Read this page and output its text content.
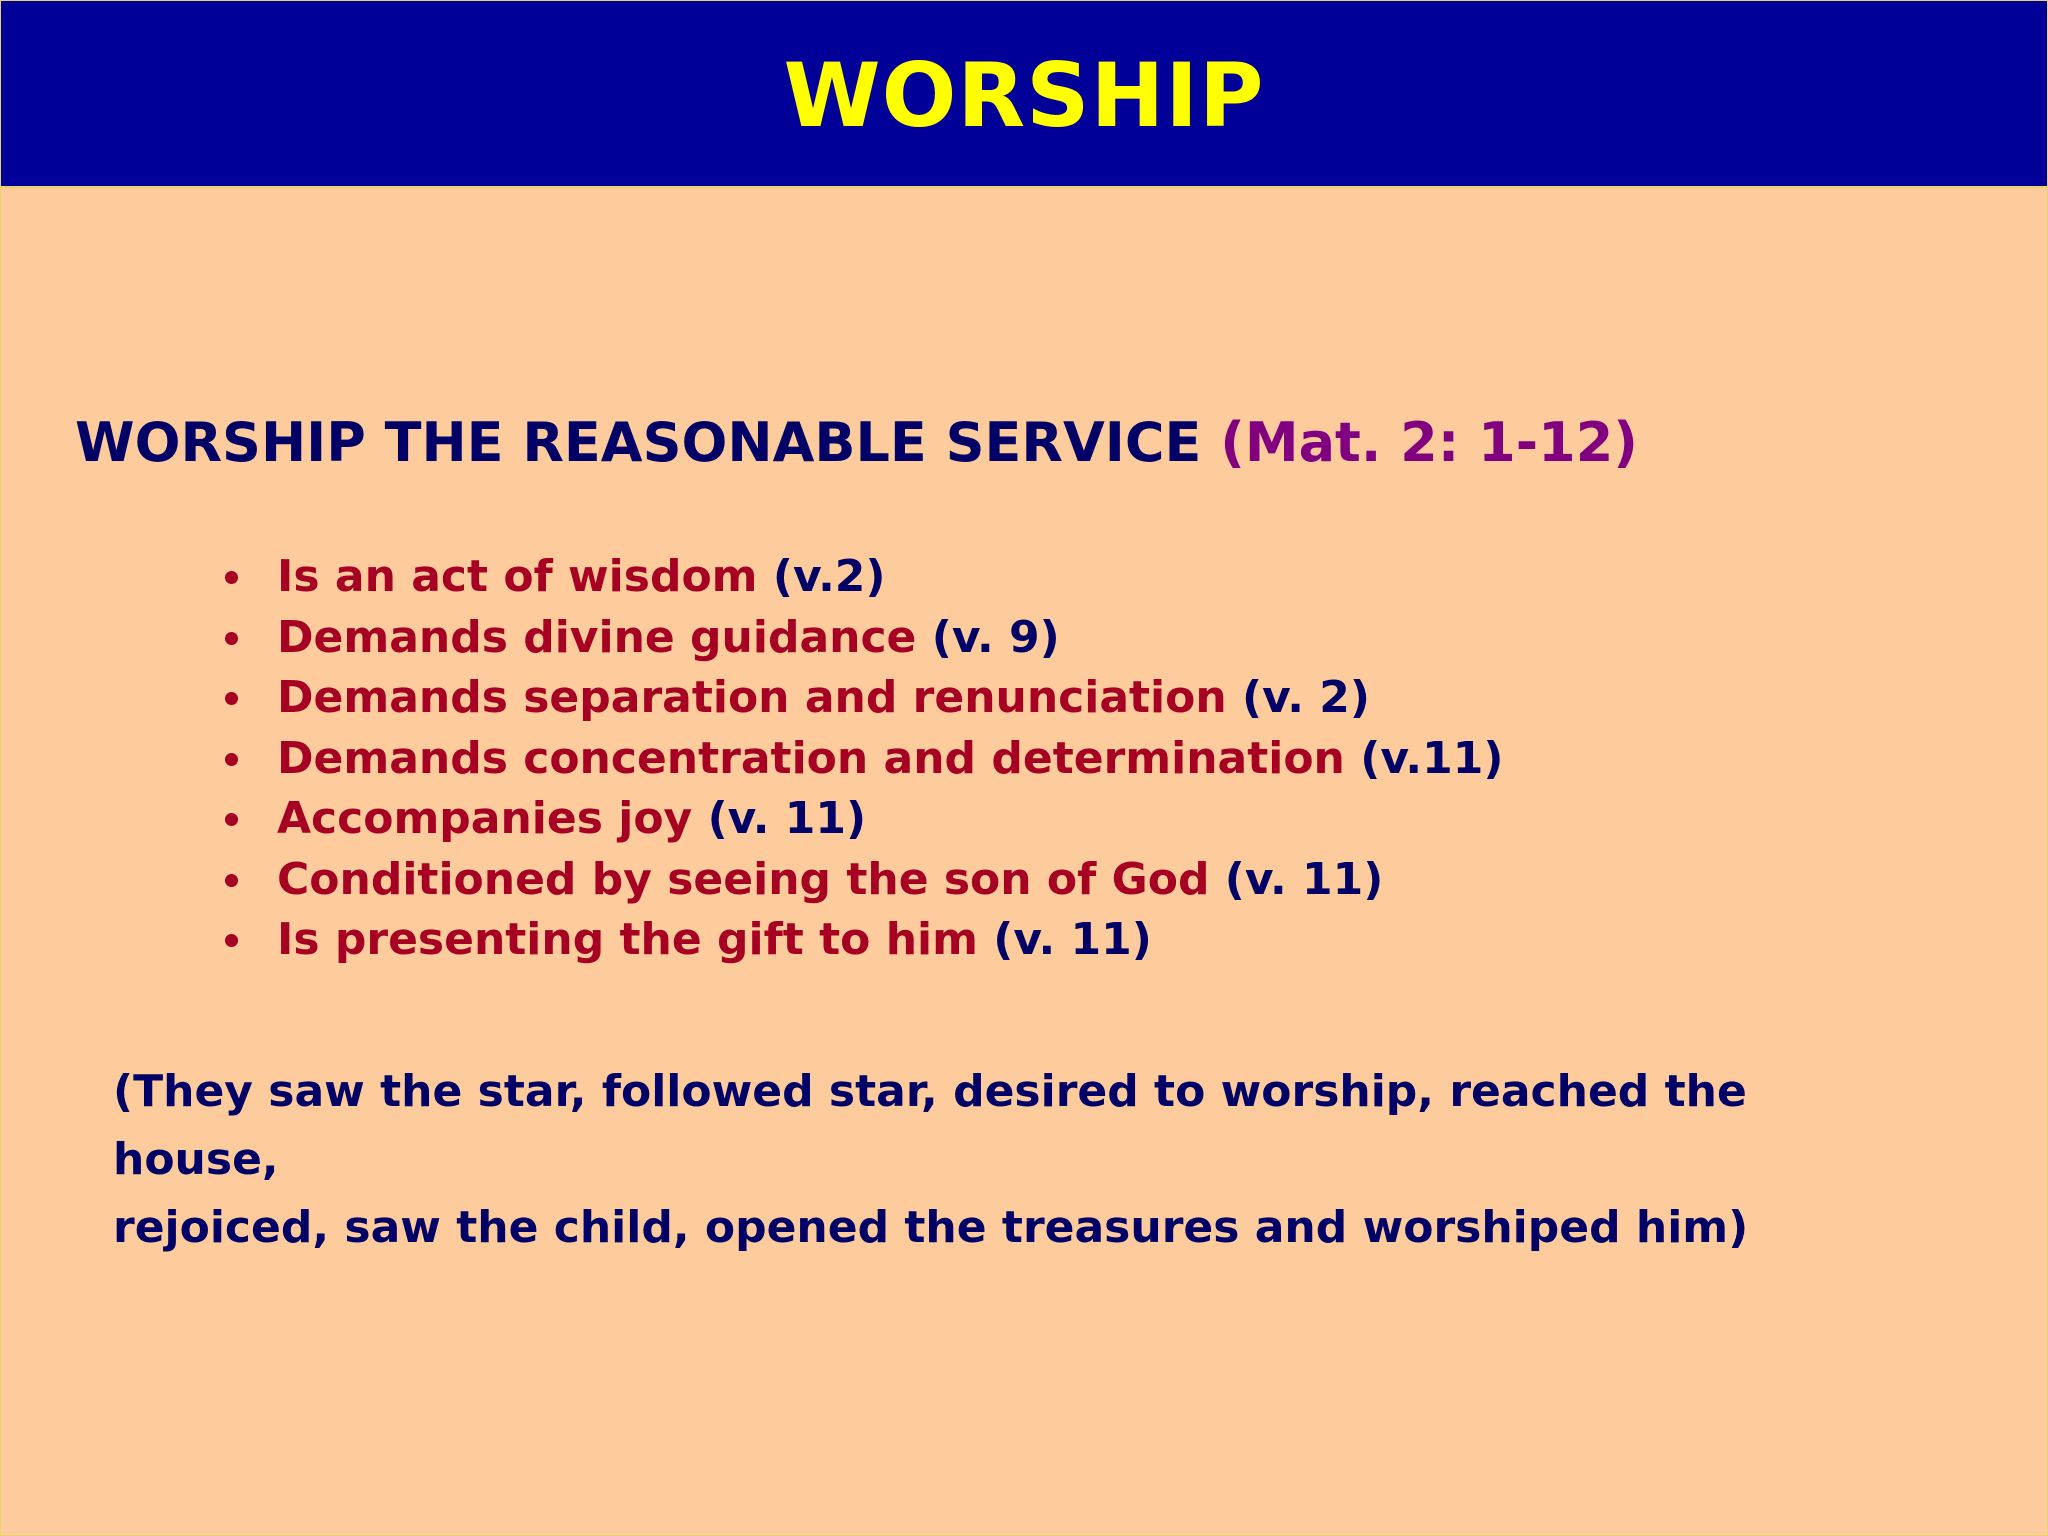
WORSHIP
WORSHIP THE REASONABLE SERVICE (Mat. 2: 1-12)
Is an act of wisdom (v.2)
Demands divine guidance (v. 9)
Demands separation and renunciation (v. 2)
Demands concentration and determination (v.11)
Accompanies joy (v. 11)
Conditioned by seeing the son of God (v. 11)
Is presenting the gift to him (v. 11)
(They saw the star, followed star, desired to worship, reached the house,
rejoiced, saw the child, opened the treasures and worshiped him)
